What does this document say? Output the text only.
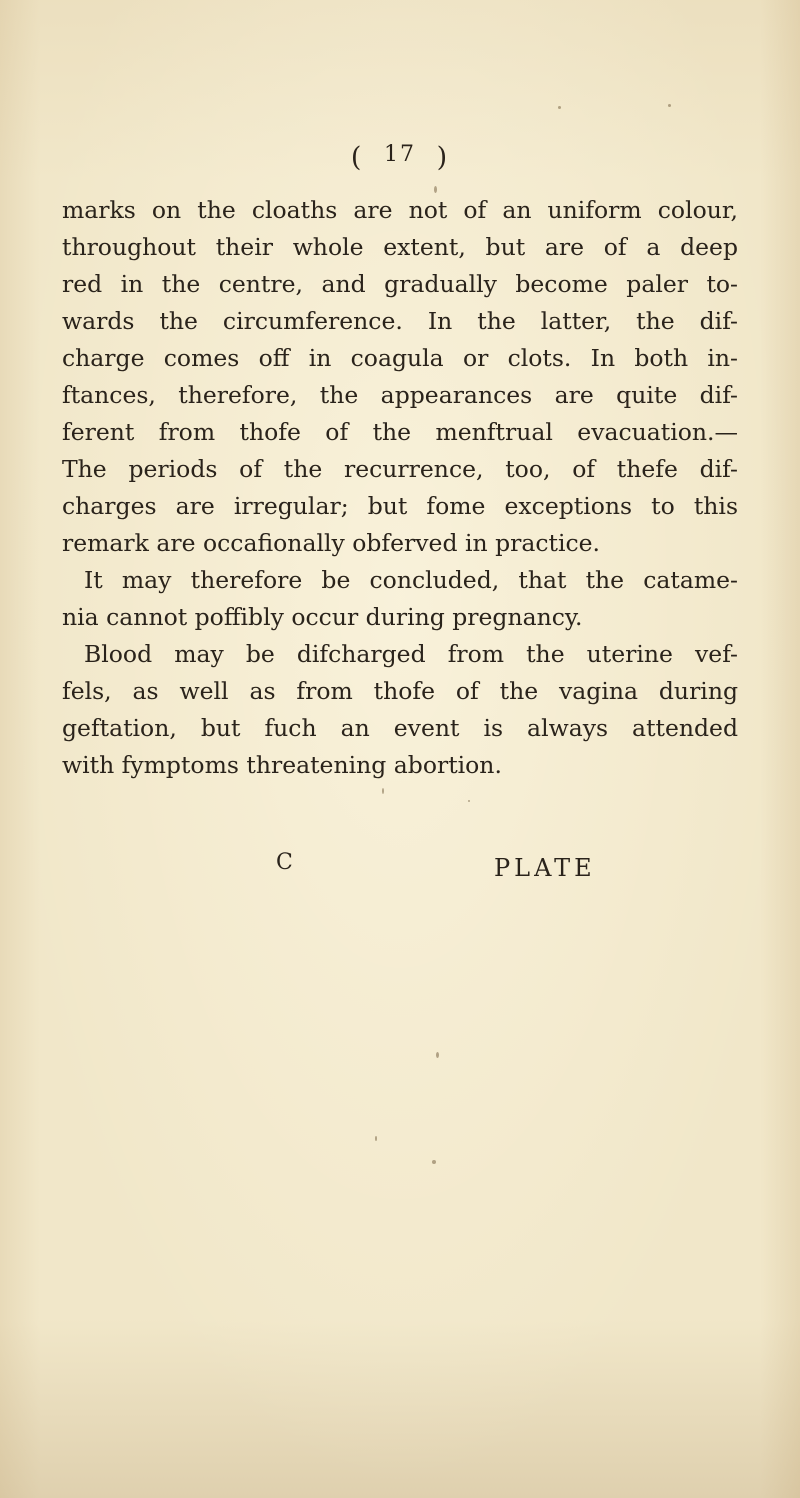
( 17 )
marks on the cloaths are not of an uniform colour,
throughout their whole extent, but are of a deep
red in the centre, and gradually become paler to-
wards the circumference. In the latter, the dif-
charge comes off in coagula or clots. In both in-
ftances, therefore, the appearances are quite dif-
ferent from thofe of the menftrual evacuation.—
The periods of the recurrence, too, of thefe dif-
charges are irregular; but fome exceptions to this
remark are occafionally obferved in practice.
It may therefore be concluded, that the catame-
nia cannot poffibly occur during pregnancy.
Blood may be difcharged from the uterine vef-
fels, as well as from thofe of the vagina during
geftation, but fuch an event is always attended
with fymptoms threatening abortion.
C	PLATE
